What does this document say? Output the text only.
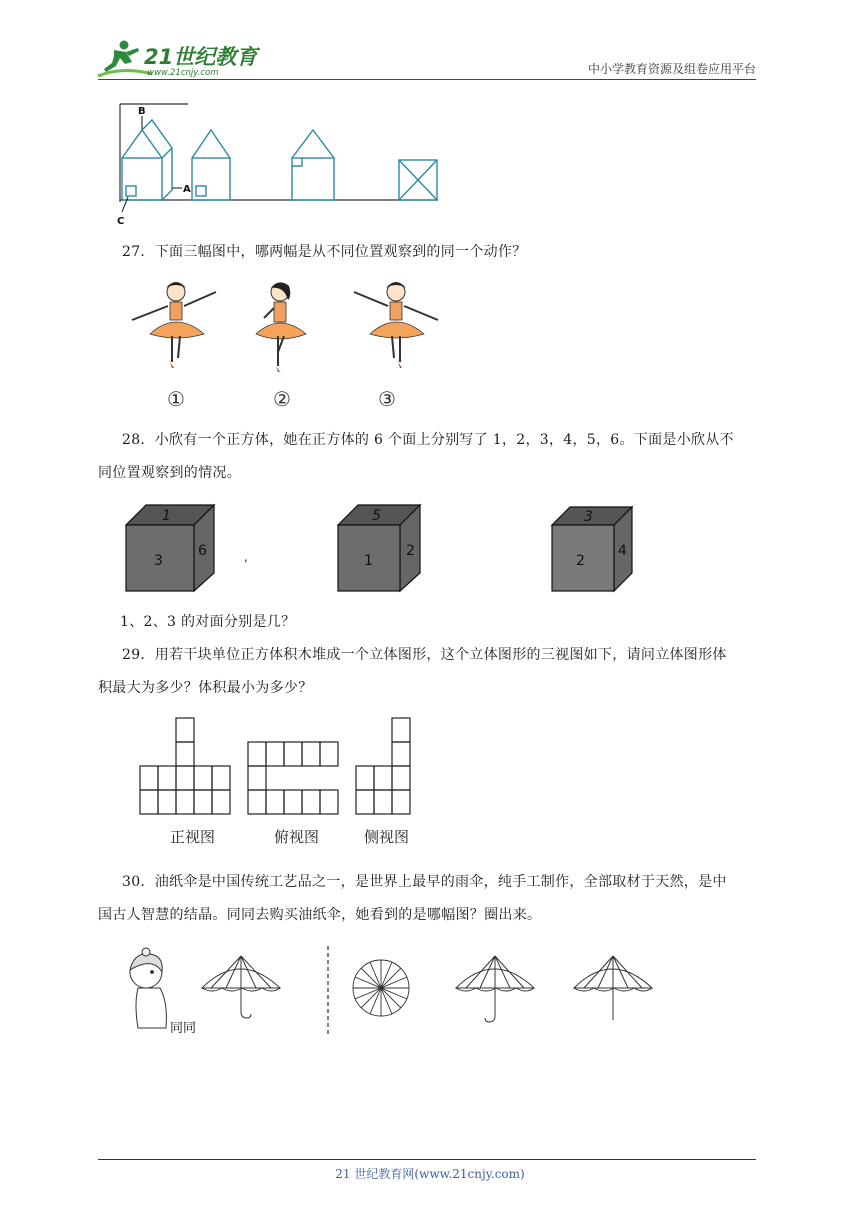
21世纪教育
www.21cnjy.com	中小学教育资源及组卷应用平台
B
A
C
27．下面三幅图中，哪两幅是从不同位置观察到的同一个动作？
①	②	③
28．小欣有一个正方体，她在正方体的 6 个面上分别写了 1，2，3，4，5，6。下面是小欣从不
同位置观察到的情况。
1
3
6	,
5
1
2
3
2
4
1、2、3 的对面分别是几？
29．用若干块单位正方体积木堆成一个立体图形，这个立体图形的三视图如下，请问立体图形体
积最大为多少？体积最小为多少？
正视图	俯视图	侧视图
30．油纸伞是中国传统工艺品之一，是世界上最早的雨伞，纯手工制作，全部取材于天然，是中
国古人智慧的结晶。同同去购买油纸伞，她看到的是哪幅图？圈出来。
同同
21 世纪教育网(www.21cnjy.com)
